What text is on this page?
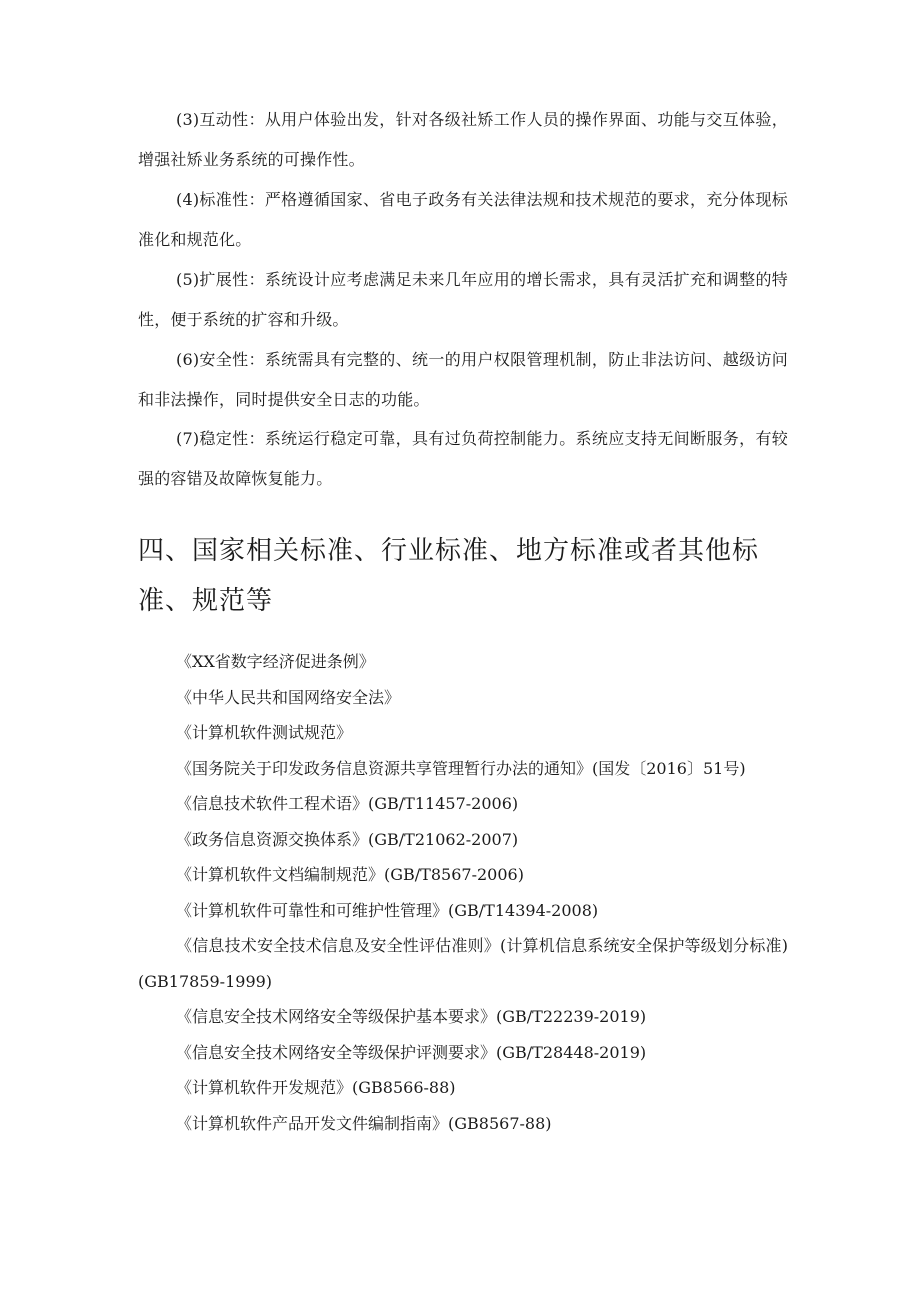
(3)互动性：从用户体验出发，针对各级社矫工作人员的操作界面、功能与交互体验，增强社矫业务系统的可操作性。

(4)标准性：严格遵循国家、省电子政务有关法律法规和技术规范的要求，充分体现标准化和规范化。

(5)扩展性：系统设计应考虑满足未来几年应用的增长需求，具有灵活扩充和调整的特性，便于系统的扩容和升级。

(6)安全性：系统需具有完整的、统一的用户权限管理机制，防止非法访问、越级访问和非法操作，同时提供安全日志的功能。

(7)稳定性：系统运行稳定可靠，具有过负荷控制能力。系统应支持无间断服务，有较强的容错及故障恢复能力。

四、国家相关标准、行业标准、地方标准或者其他标准、规范等
《XX省数字经济促进条例》
《中华人民共和国网络安全法》
《计算机软件测试规范》
《国务院关于印发政务信息资源共享管理暂行办法的通知》(国发〔2016〕51号)
《信息技术软件工程术语》(GB/T11457-2006)
《政务信息资源交换体系》(GB/T21062-2007)
《计算机软件文档编制规范》(GB/T8567-2006)
《计算机软件可靠性和可维护性管理》(GB/T14394-2008)
《信息技术安全技术信息及安全性评估准则》(计算机信息系统安全保护等级划分标准)(GB17859-1999)
《信息安全技术网络安全等级保护基本要求》(GB/T22239-2019)
《信息安全技术网络安全等级保护评测要求》(GB/T28448-2019)
《计算机软件开发规范》(GB8566-88)
《计算机软件产品开发文件编制指南》(GB8567-88)
